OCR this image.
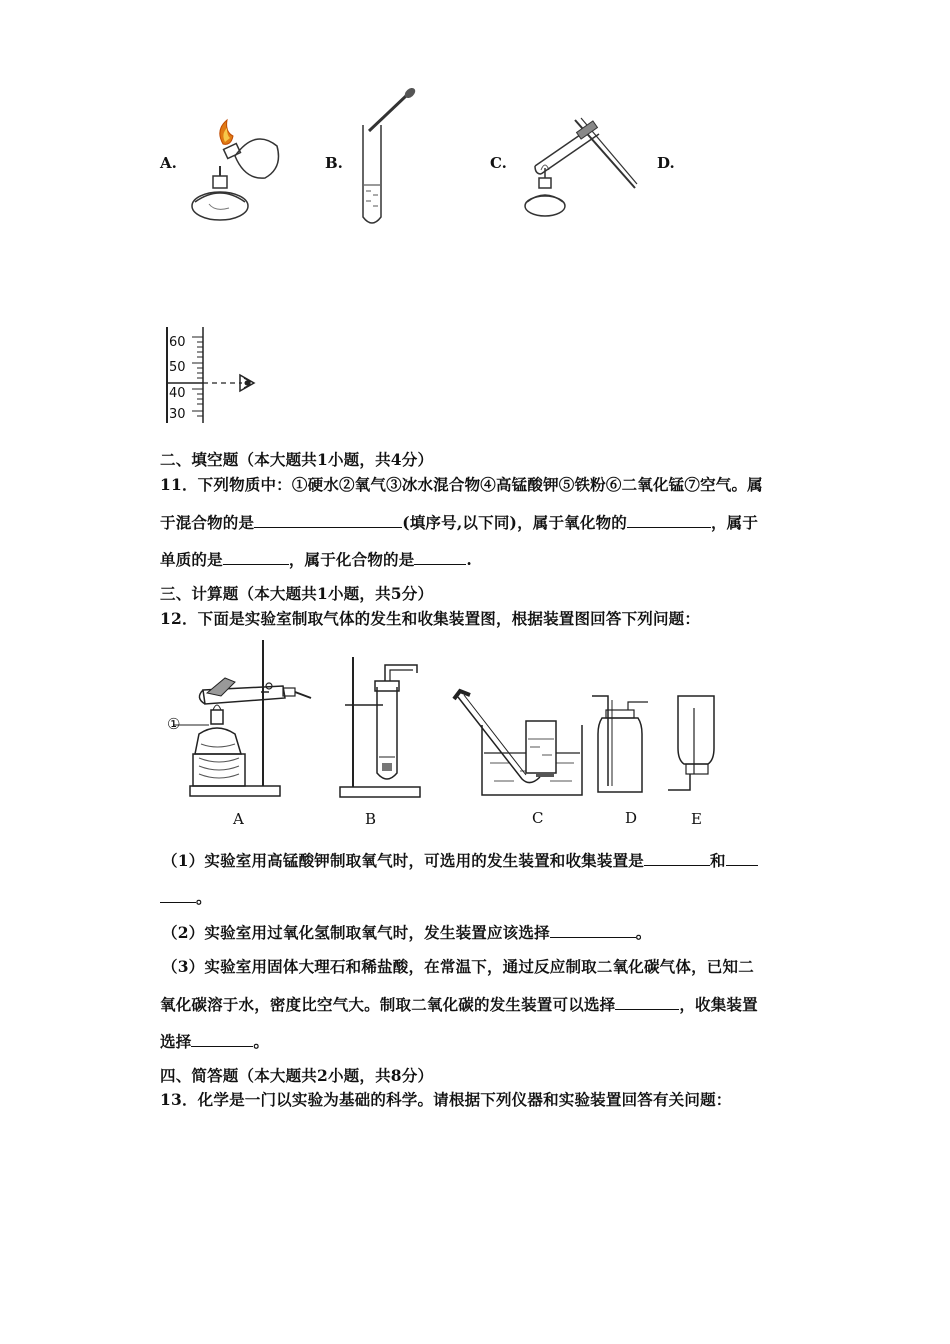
A.	B.	C.	D.
60
50
40
30
二、填空题（本大题共1小题，共4分）
11．下列物质中：①硬水②氧气③冰水混合物④高锰酸钾⑤铁粉⑥二氧化锰⑦空气。属
于混合物的是	(填序号,以下同)，属于氧化物的	，属于
单质的是	，属于化合物的是	.
三、计算题（本大题共1小题，共5分）
12．下面是实验室制取气体的发生和收集装置图，根据装置图回答下列问题：
①
A	B	C	D	E
（1）实验室用高锰酸钾制取氧气时，可选用的发生装置和收集装置是	和
。
（2）实验室用过氧化氢制取氧气时，发生装置应该选择	。
（3）实验室用固体大理石和稀盐酸，在常温下，通过反应制取二氧化碳气体，已知二
氧化碳溶于水，密度比空气大。制取二氧化碳的发生装置可以选择	，收集装置
选择	。
四、简答题（本大题共2小题，共8分）
13．化学是一门以实验为基础的科学。请根据下列仪器和实验装置回答有关问题：
